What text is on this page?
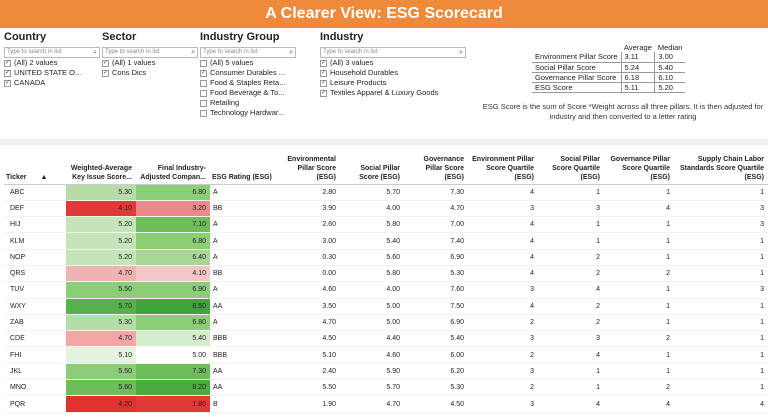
A Clearer View: ESG Scorecard
Country
Type to search in list	⌕
✓ (All) 2 values
✓ UNITED STATE O...
✓ CANADA
Sector
Type to search in list	⌕
✓ (All) 1 values
✓ Cons Dics
Industry Group
Type to search in list	⌕
(All) 5 values
✓ Consumer Durables ...
Food & Staples Reta...
Food Beverage & To...
Retailing
Technology Hardwar...
Industry
Type to search in list	⌕
✓ (All) 3 values
✓ Household Durables
✓ Leisure Products
✓ Textiles Apparel & Luxury Goods
	Average	Median
Environment Pillar Score	3.11	3.00
Social Pillar Score	5.24	5.40
Governance Pillar Score	6.18	6.10
ESG Score	5.11	5.20
ESG Score is the sum of Score *Weight across all three pillars. It is then adjusted for industry and then converted to a letter rating
Ticker ▲	Weighted-Average Key Issue Score...	Final Industry-Adjusted Compan...	ESG Rating (ESG)	Environmental Pillar Score (ESG)	Social Pillar Score (ESG)	Governance Pillar Score (ESG)	Environment Pillar Score Quartile (ESG)	Social Pillar Score Quartile (ESG)	Governance Pillar Score Quartile (ESG)	Supply Chain Labor Standards Score Quartile (ESG)
ABC	5.30	6.80	A	2.80	5.70	7.30	4	1	1	1
DEF	4.10	3.20	BB	3.90	4.00	4.70	3	3	4	3
HIJ	5.20	7.10	A	2.60	5.80	7.00	4	1	1	3
KLM	5.20	6.80	A	3.00	5.40	7.40	4	1	1	1
NOP	5.20	6.40	A	0.30	5.60	6.90	4	2	1	1
QRS	4.70	4.10	BB	0.00	5.80	5.30	4	2	2	1
TUV	5.50	6.90	A	4.60	4.00	7.60	3	4	1	3
WXY	5.70	8.50	AA	3.50	5.00	7.50	4	2	1	1
ZAB	5.30	6.80	A	4.70	5.00	6.90	2	2	1	1
CDE	4.70	5.40	BBB	4.50	4.40	5.40	3	3	2	1
FHI	5.10	5.00	BBB	5.10	4.60	6.00	2	4	1	1
JKL	5.50	7.30	AA	2.40	5.90	6.20	3	1	1	1
MNO	5.60	8.20	AA	5.50	5.70	5.30	2	1	2	1
PQR	4.20	1.80	B	1.90	4.70	4.50	3	4	4	4
